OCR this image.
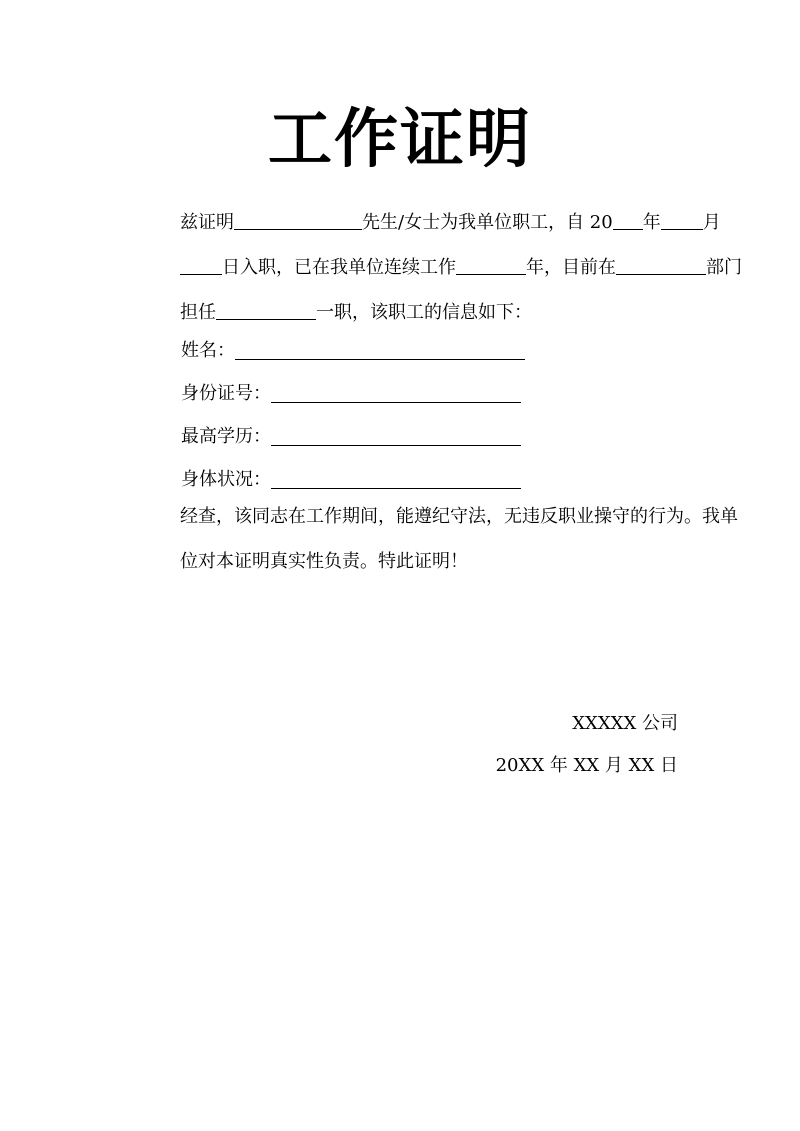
工作证明
兹证明	先生/女士为我单位职工，自 20 年 月日入职，已在我单位连续工作	年，目前在	部门担任	一职，该职工的信息如下：
姓名：
身份证号：
最高学历：
身体状况：
经查，该同志在工作期间，能遵纪守法，无违反职业操守的行为。我单位对本证明真实性负责。特此证明！
XXXXX 公司
20XX 年 XX 月 XX 日
